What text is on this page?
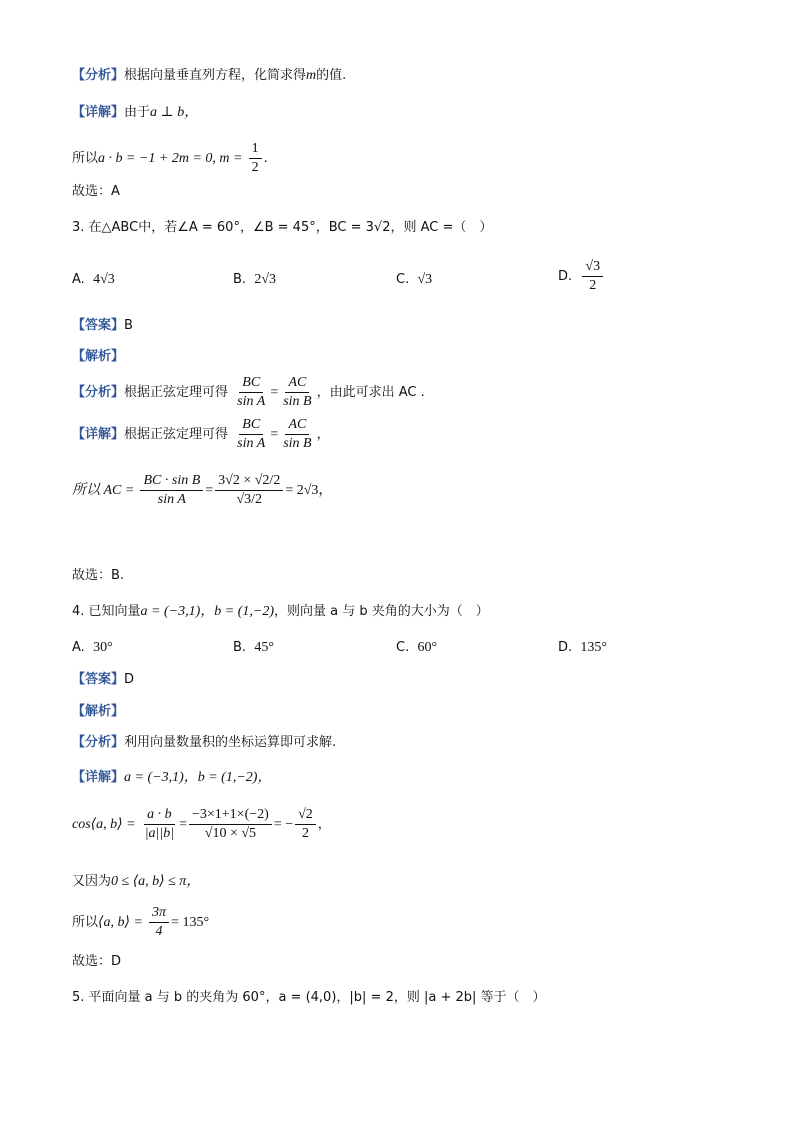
【分析】根据向量垂直列方程，化简求得m的值.
【详解】由于a ⊥ b，
所以a · b = −1 + 2m = 0, $m = \frac{1}{2}$ .
故选：A
3. 在△ABC中，若∠A = 60°，∠B = 45°，BC = 3√2，则 AC =（　）
A. 4√3	B. 2√3	C. √3	D. $\frac{√3}{2}$
【答案】B
【解析】
【分析】根据正弦定理可得 $\frac{BC}{\text{sin A}} = \frac{AC}{\text{sin B}}$ ，由此可求出 AC .
【详解】根据正弦定理可得 $\frac{BC}{\text{sin A}} = \frac{AC}{\text{sin B}}$ ，
所以 AC = $\frac{\text{BC · sin B}}{\text{sin A}} = \frac{3√2 \times √2/2}{√3/2} = 2√3$，
故选：B.
4. 已知向量a = (−3,1)，b = (1,−2)，则向量 a 与 b 夹角的大小为（　）
A. 30°	B. 45°	C. 60°	D. 135°
【答案】D
【解析】
【分析】利用向量数量积的坐标运算即可求解.
【详解】a = (−3,1)，b = (1,−2)，
cos⟨a, b⟩ = $\frac{a \cdot b}{|a||b|} = \frac{-3\times 1+1\times(-2)}{√10 \times √5}$ = − $\frac{√2}{2}$ ，
又因为0 ≤ ⟨a, b⟩ ≤ π，
所以⟨a, b⟩ = $\frac{3\pi}{4} = 135^\circ$
故选：D
5. 平面向量 a 与 b 的夹角为 60°，a = (4,0)，|b| = 2，则 |a + 2b| 等于（　）
